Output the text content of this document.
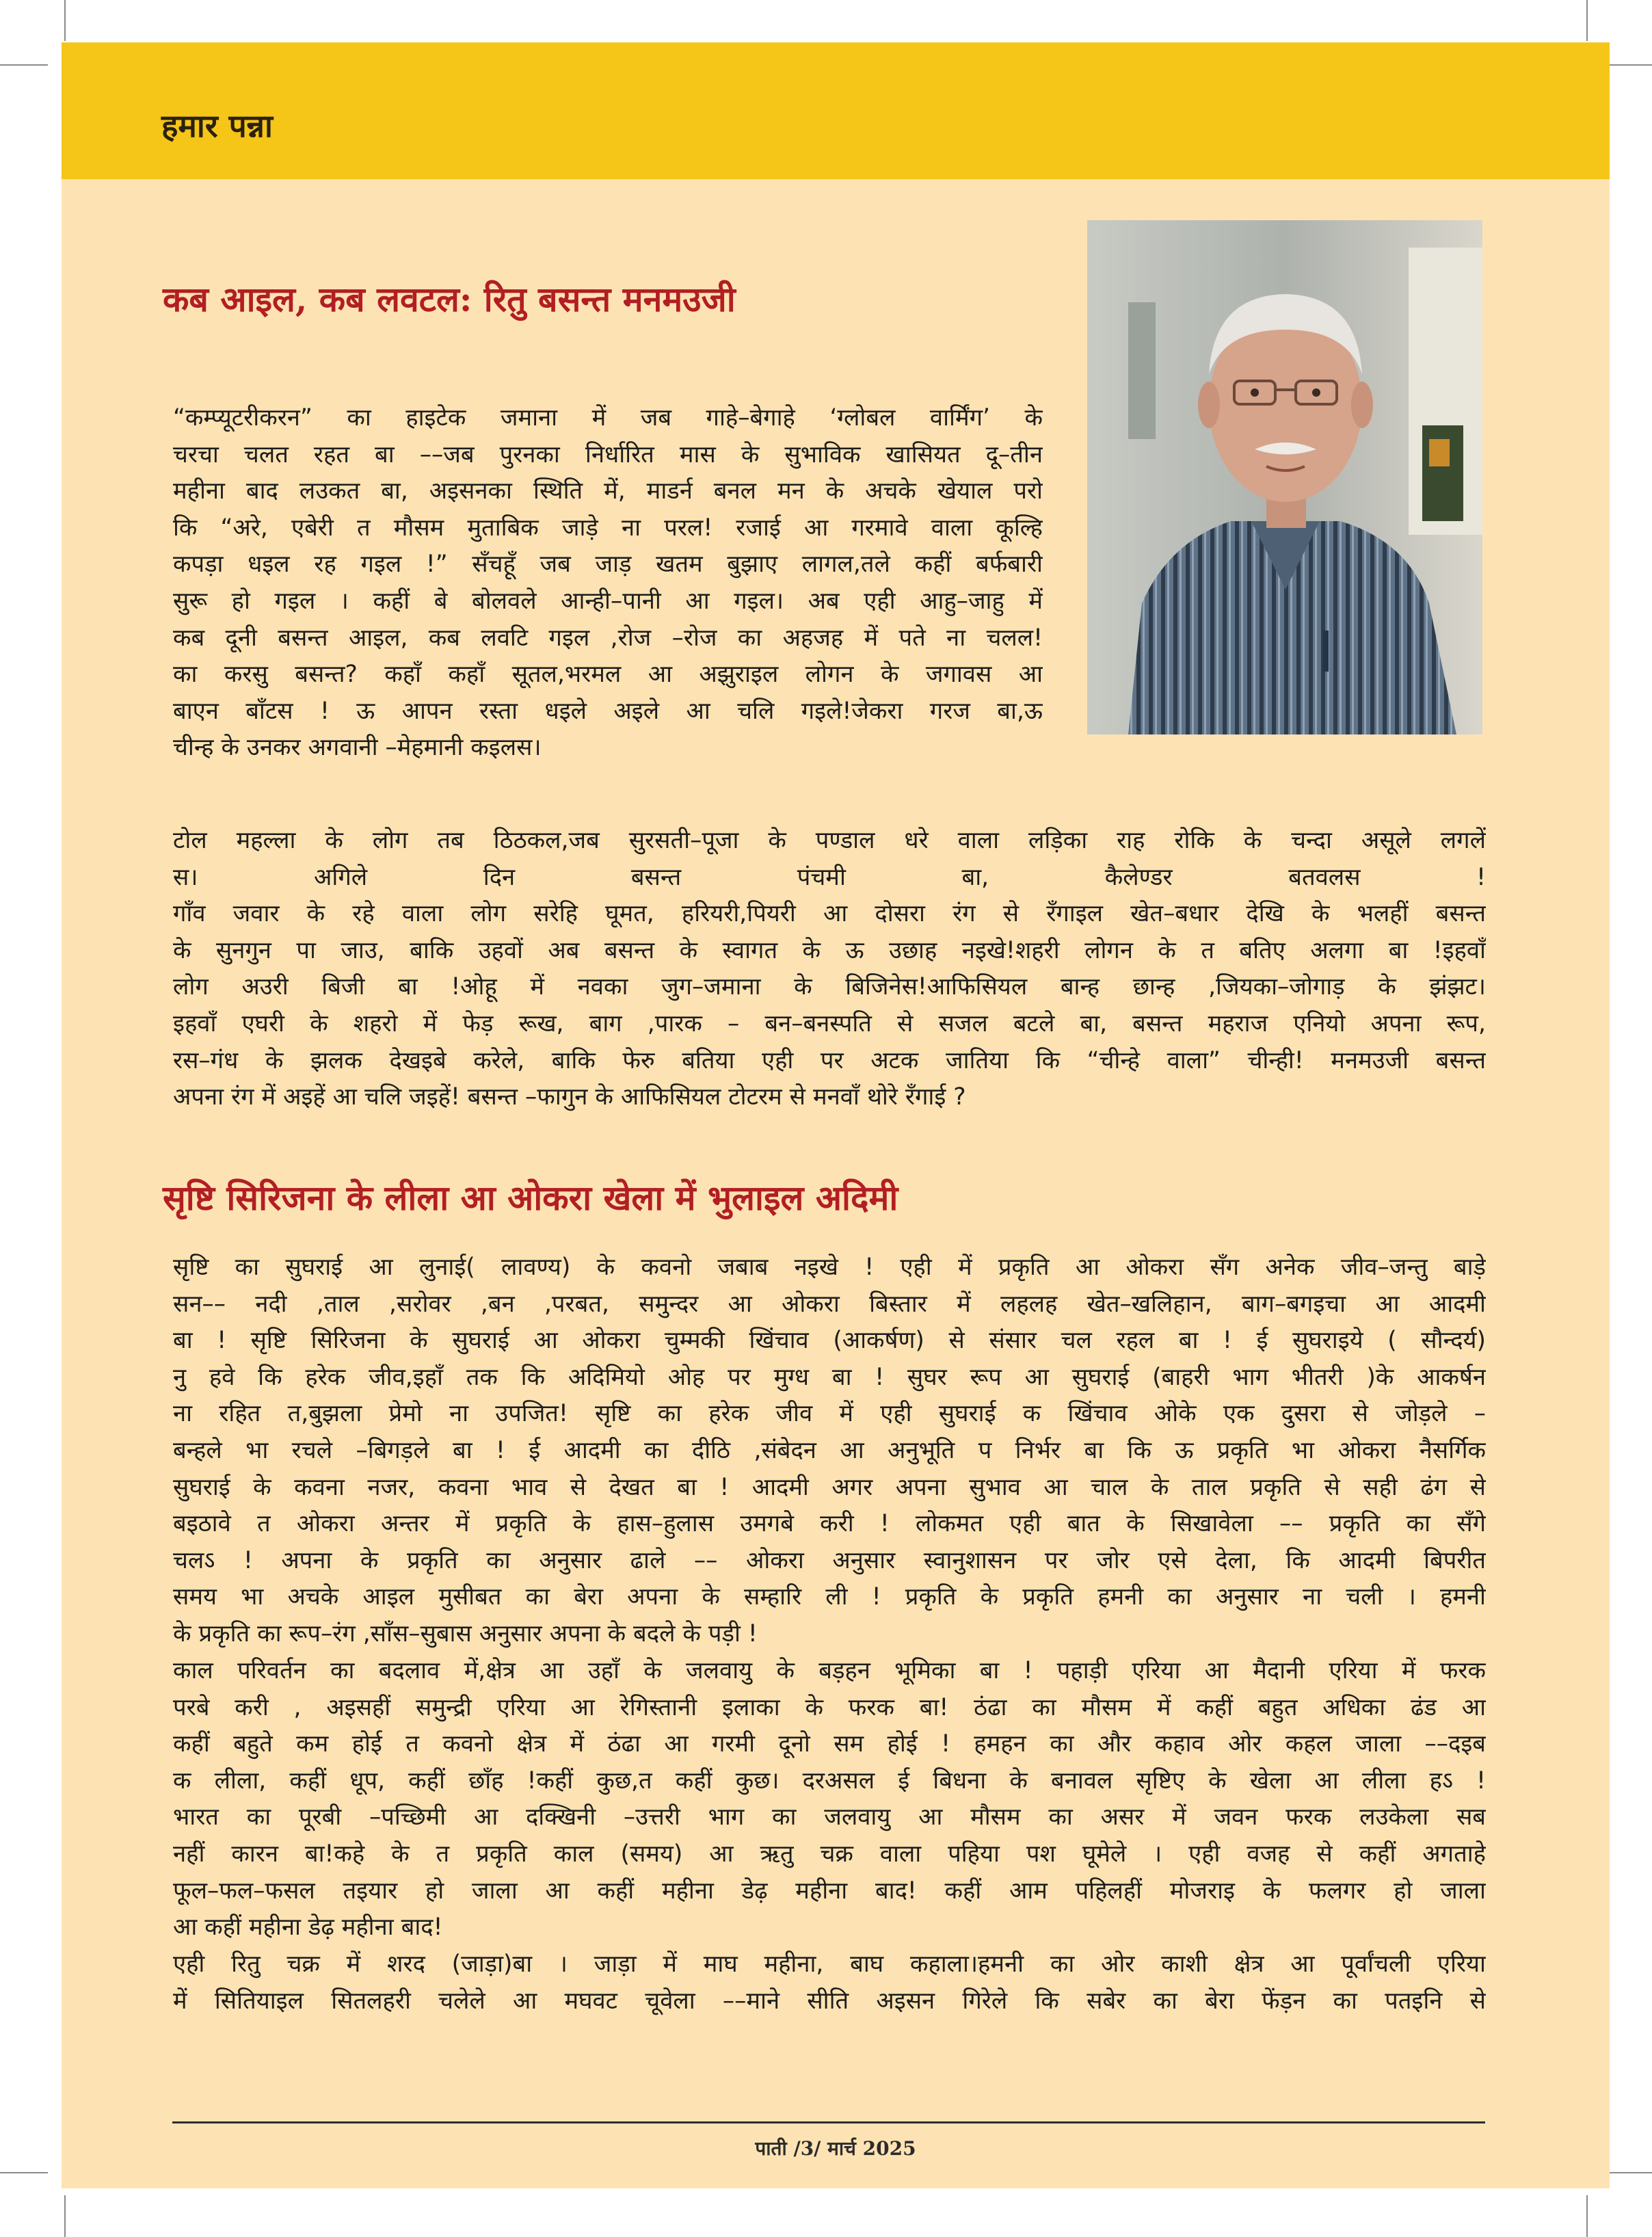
हमार पन्ना
कब आइल, कब लवटल: रितु बसन्त मनमउजी
“कम्प्यूटरीकरन” का हाइटेक जमाना में जब गाहे–बेगाहे ‘ग्लोबल वार्मिंग’ के
चरचा चलत रहत बा ––जब पुरनका निर्धारित मास के सुभाविक खासियत दू–तीन
महीना बाद लउकत बा, अइसनका स्थिति में, माडर्न बनल मन के अचके खेयाल परो
कि “अरे, एबेरी त मौसम मुताबिक जाड़े ना परल! रजाई आ गरमावे वाला कूल्हि
कपड़ा धइल रह गइल !” सँचहूँ जब जाड़ खतम बुझाए लागल,तले कहीं बर्फबारी
सुरू हो गइल । कहीं बे बोलवले आन्ही–पानी आ गइल। अब एही आहु–जाहु में
कब दूनी बसन्त आइल, कब लवटि गइल ,रोज –रोज का अहजह में पते ना चलल!
का करसु बसन्त? कहाँ कहाँ सूतल,भरमल आ अझुराइल लोगन के जगावस आ
बाएन बाँटस ! ऊ आपन रस्ता धइले अइले आ चलि गइले!जेकरा गरज बा,ऊ
चीन्ह के उनकर अगवानी –मेहमानी कइलस।
टोल महल्ला के लोग तब ठिठकल,जब सुरसती–पूजा के पण्डाल धरे वाला लड़िका राह रोकि के चन्दा असूले लगलें
स। अगिले दिन बसन्त पंचमी बा, कैलेण्डर बतवलस !
गाँव जवार के रहे वाला लोग सरेहि घूमत, हरियरी,पियरी आ दोसरा रंग से रँगाइल खेत–बधार देखि के भलहीं बसन्त
के सुनगुन पा जाउ, बाकि उहवों अब बसन्त के स्वागत के ऊ उछाह नइखे!शहरी लोगन के त बतिए अलगा बा !इहवाँ
लोग अउरी बिजी बा !ओहू में नवका जुग–जमाना के बिजिनेस!आफिसियल बान्ह छान्ह ,जियका–जोगाड़ के झंझट।
इहवाँ एघरी के शहरो में फेड़ रूख, बाग ,पारक – बन–बनस्पति से सजल बटले बा, बसन्त महराज एनियो अपना रूप,
रस–गंध के झलक देखइबे करेले, बाकि फेरु बतिया एही पर अटक जातिया कि “चीन्हे वाला” चीन्ही! मनमउजी बसन्त
अपना रंग में अइहें आ चलि जइहें! बसन्त –फागुन के आफिसियल टोटरम से मनवाँ थोरे रँगाई ?
सृष्टि सिरिजना के लीला आ ओकरा खेला में भुलाइल अदिमी
सृष्टि का सुघराई आ लुनाई( लावण्य) के कवनो जबाब नइखे ! एही में प्रकृति आ ओकरा सँग अनेक जीव–जन्तु बाड़े
सन–– नदी ,ताल ,सरोवर ,बन ,परबत, समुन्दर आ ओकरा बिस्तार में लहलह खेत–खलिहान, बाग–बगइचा आ आदमी
बा ! सृष्टि सिरिजना के सुघराई आ ओकरा चुम्मकी खिंचाव (आकर्षण) से संसार चल रहल बा ! ई सुघराइये ( सौन्दर्य)
नु हवे कि हरेक जीव,इहाँ तक कि अदिमियो ओह पर मुग्ध बा ! सुघर रूप आ सुघराई (बाहरी भाग भीतरी )के आकर्षन
ना रहित त,बुझला प्रेमो ना उपजित! सृष्टि का हरेक जीव में एही सुघराई क खिंचाव ओके एक दुसरा से जोड़ले –
बन्हले भा रचले –बिगड़ले बा ! ई आदमी का दीठि ,संबेदन आ अनुभूति प निर्भर बा कि ऊ प्रकृति भा ओकरा नैसर्गिक
सुघराई के कवना नजर, कवना भाव से देखत बा ! आदमी अगर अपना सुभाव आ चाल के ताल प्रकृति से सही ढंग से
बइठावे त ओकरा अन्तर में प्रकृति के हास–हुलास उमगबे करी ! लोकमत एही बात के सिखावेला –– प्रकृति का सँगे
चलऽ ! अपना के प्रकृति का अनुसार ढाले –– ओकरा अनुसार स्वानुशासन पर जोर एसे देला, कि आदमी बिपरीत
समय भा अचके आइल मुसीबत का बेरा अपना के सम्हारि ली ! प्रकृति के प्रकृति हमनी का अनुसार ना चली । हमनी
के प्रकृति का रूप–रंग ,साँस–सुबास अनुसार अपना के बदले के पड़ी !
काल परिवर्तन का बदलाव में,क्षेत्र आ उहाँ के जलवायु के बड़हन भूमिका बा ! पहाड़ी एरिया आ मैदानी एरिया में फरक
परबे करी , अइसहीं समुन्द्री एरिया आ रेगिस्तानी इलाका के फरक बा! ठंढा का मौसम में कहीं बहुत अधिका ढंड आ
कहीं बहुते कम होई त कवनो क्षेत्र में ठंढा आ गरमी दूनो सम होई ! हमहन का और कहाव ओर कहल जाला ––दइब
क लीला, कहीं धूप, कहीं छाँह !कहीं कुछ,त कहीं कुछ। दरअसल ई बिधना के बनावल सृष्टिए के खेला आ लीला हऽ !
भारत का पूरबी –पच्छिमी आ दक्खिनी –उत्तरी भाग का जलवायु आ मौसम का असर में जवन फरक लउकेला सब
नहीं कारन बा!कहे के त प्रकृति काल (समय) आ ऋतु चक्र वाला पहिया पश घूमेले । एही वजह से कहीं अगताहे
फूल–फल–फसल तइयार हो जाला आ कहीं महीना डेढ़ महीना बाद! कहीं आम पहिलहीं मोजराइ के फलगर हो जाला
आ कहीं महीना डेढ़ महीना बाद!
एही रितु चक्र में शरद (जाड़ा)बा । जाड़ा में माघ महीना, बाघ कहाला।हमनी का ओर काशी क्षेत्र आ पूर्वांचली एरिया
में सितियाइल सितलहरी चलेले आ मघवट चूवेला ––माने सीति अइसन गिरेले कि सबेर का बेरा फेंड़न का पतइनि से
पाती /3/ मार्च 2025
